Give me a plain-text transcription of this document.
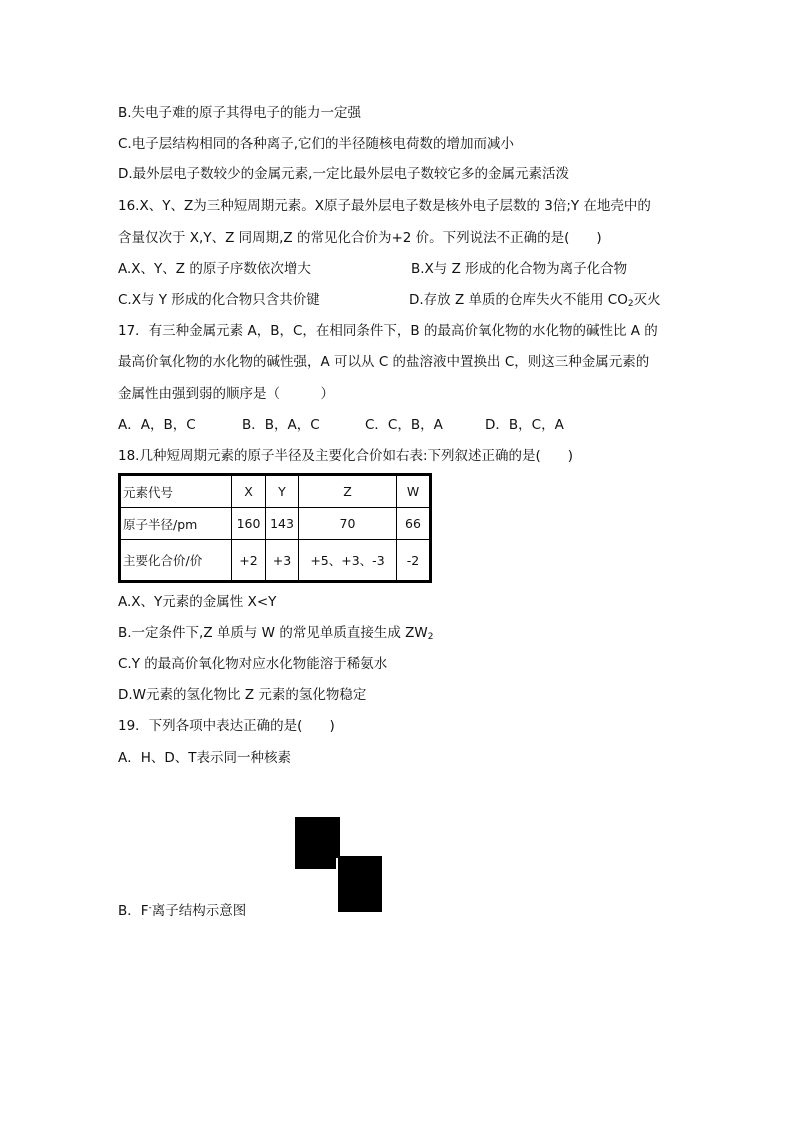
B.失电子难的原子其得电子的能力一定强
C.电子层结构相同的各种离子,它们的半径随核电荷数的增加而减小
D.最外层电子数较少的金属元素,一定比最外层电子数较它多的金属元素活泼
16.X、Y、Z为三种短周期元素。X原子最外层电子数是核外电子层数的 3倍;Y 在地壳中的
含量仅次于 X,Y、Z 同周期,Z 的常见化合价为+2 价。下列说法不正确的是(　　)
A.X、Y、Z 的原子序数依次增大	B.X与 Z 形成的化合物为离子化合物
C.X与 Y 形成的化合物只含共价键	D.存放 Z 单质的仓库失火不能用 $CO_2$灭火
17．有三种金属元素 A，B，C，在相同条件下，B 的最高价氧化物的水化物的碱性比 A 的
最高价氧化物的水化物的碱性强，A 可以从 C 的盐溶液中置换出 C，则这三种金属元素的
金属性由强到弱的顺序是（　　　）
A．A，B，C	B．B，A，C	C．C，B，A	D．B，C，A
18.几种短周期元素的原子半径及主要化合价如右表:下列叙述正确的是(　　)
元素代号	X	Y	Z	W
原子半径/pm	160	143	70	66
主要化合价/价	+2	+3	+5、+3、-3	-2
A.X、Y元素的金属性 X<Y
B.一定条件下,Z 单质与 W 的常见单质直接生成 $ZW_2$
C.Y 的最高价氧化物对应水化物能溶于稀氨水
D.W元素的氢化物比 Z 元素的氢化物稳定
19．下列各项中表达正确的是(　　)
A．H、D、T表示同一种核素
B．F-离子结构示意图
